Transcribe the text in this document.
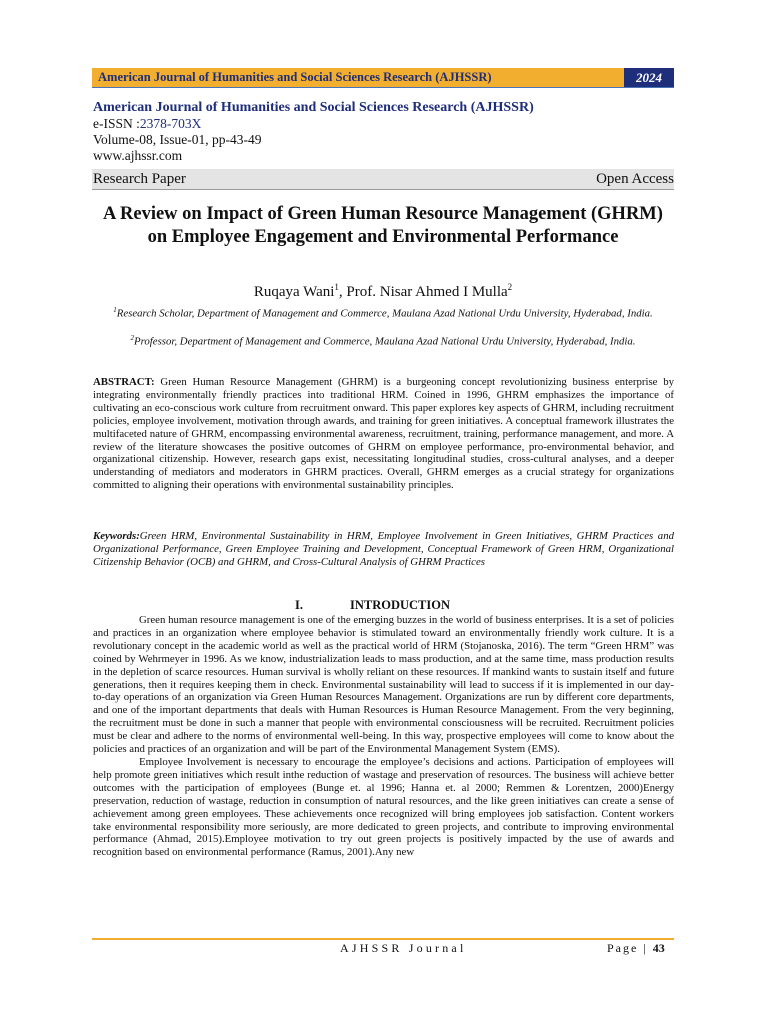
American Journal of Humanities and Social Sciences Research (AJHSSR)	2024
American Journal of Humanities and Social Sciences Research (AJHSSR)
e-ISSN :2378-703X
Volume-08, Issue-01, pp-43-49
www.ajhssr.com
Research Paper	Open Access
A Review on Impact of Green Human Resource Management (GHRM) on Employee Engagement and Environmental Performance
Ruqaya Wani$^1$, Prof. Nisar Ahmed I Mulla$^2$
$^1$Research Scholar, Department of Management and Commerce, Maulana Azad National Urdu University, Hyderabad, India.
$^2$Professor, Department of Management and Commerce, Maulana Azad National Urdu University, Hyderabad, India.
ABSTRACT: Green Human Resource Management (GHRM) is a burgeoning concept revolutionizing business enterprise by integrating environmentally friendly practices into traditional HRM. Coined in 1996, GHRM emphasizes the importance of cultivating an eco-conscious work culture from recruitment onward. This paper explores key aspects of GHRM, including recruitment policies, employee involvement, motivation through awards, and training for green initiatives. A conceptual framework illustrates the multifaceted nature of GHRM, encompassing environmental awareness, recruitment, training, performance management, and more. A review of the literature showcases the positive outcomes of GHRM on employee performance, pro-environmental behavior, and organizational citizenship. However, research gaps exist, necessitating longitudinal studies, cross-cultural analyses, and a deeper understanding of mediators and moderators in GHRM practices. Overall, GHRM emerges as a crucial strategy for organizations committed to aligning their operations with environmental sustainability principles.
Keywords:Green HRM, Environmental Sustainability in HRM, Employee Involvement in Green Initiatives, GHRM Practices and Organizational Performance, Green Employee Training and Development, Conceptual Framework of Green HRM, Organizational Citizenship Behavior (OCB) and GHRM, and Cross-Cultural Analysis of GHRM Practices
I.	INTRODUCTION

Green human resource management is one of the emerging buzzes in the world of business enterprises. It is a set of policies and practices in an organization where employee behavior is stimulated toward an environmentally friendly work culture. It is a revolutionary concept in the academic world as well as the practical world of HRM (Stojanoska, 2016). The term “Green HRM” was coined by Wehrmeyer in 1996. As we know, industrialization leads to mass production, and at the same time, mass production results in the depletion of scarce resources. Human survival is wholly reliant on these resources. If mankind wants to sustain itself and future generations, then it requires keeping them in check. Environmental sustainability will lead to success if it is implemented in our day-to-day operations of an organization via Green Human Resources Management. Organizations are run by different core departments, and one of the important departments that deals with Human Resources is Human Resource Management. From the very beginning, the recruitment must be done in such a manner that people with environmental consciousness will be recruited. Recruitment policies must be clear and adhere to the norms of environmental well-being. In this way, prospective employees will come to know about the policies and practices of an organization and will be part of the Environmental Management System (EMS).

Employee Involvement is necessary to encourage the employee’s decisions and actions. Participation of employees will help promote green initiatives which result inthe reduction of wastage and preservation of resources. The business will achieve better outcomes with the participation of employees (Bunge et. al 1996; Hanna et. al 2000; Remmen & Lorentzen, 2000)Energy preservation, reduction of wastage, reduction in consumption of natural resources, and the like green initiatives can create a sense of achievement among green employees. These achievements once recognized will bring employees job satisfaction. Content workers take environmental responsibility more seriously, are more dedicated to green projects, and contribute to improving environmental performance (Ahmad, 2015).Employee motivation to try out green projects is positively impacted by the use of awards and recognition based on environmental performance (Ramus, 2001).Any new

AJHSSR Journal	Page | 43
